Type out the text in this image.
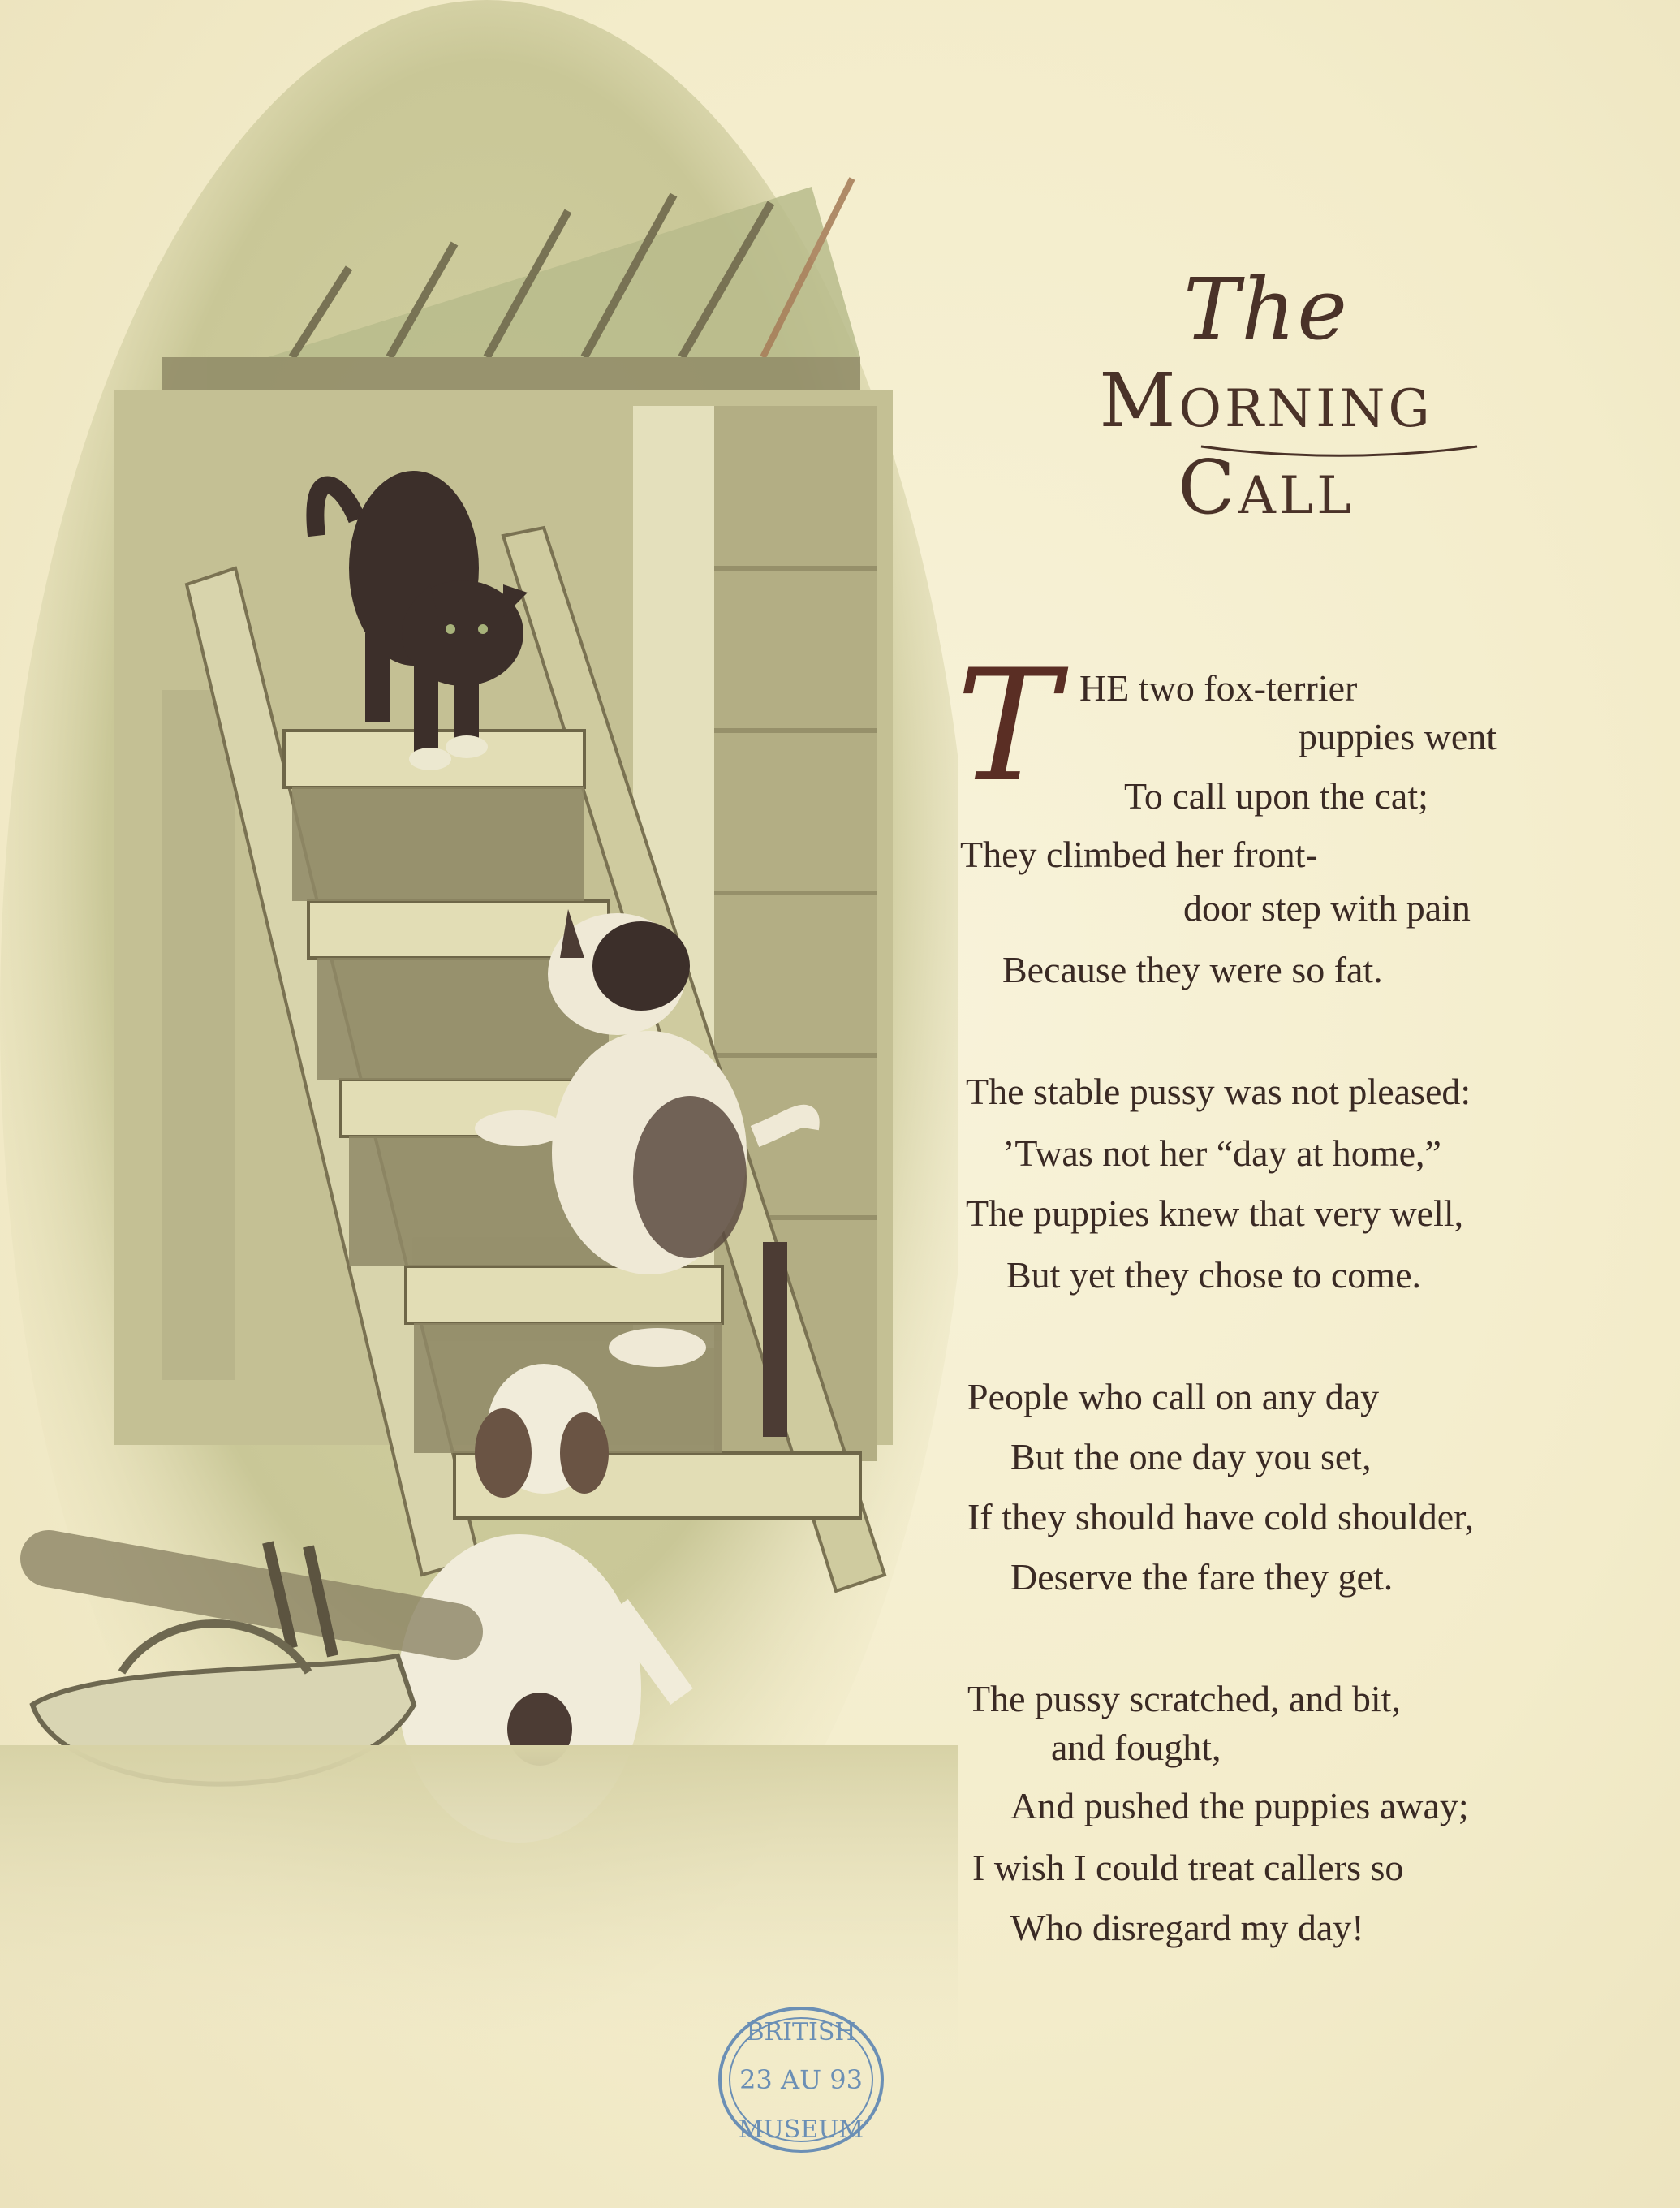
The
Morning Call
T HE two fox-terrier
puppies went
To call upon the cat;
They climbed her front-
door step with pain
Because they were so fat.
The stable pussy was not pleased:
’Twas not her “day at home,”
The puppies knew that very well,
But yet they chose to come.
People who call on any day
But the one day you set,
If they should have cold shoulder,
Deserve the fare they get.
The pussy scratched, and bit,
and fought,
And pushed the puppies away;
I wish I could treat callers so
Who disregard my day!
BRITISH
23 AU 93
MUSEUM
